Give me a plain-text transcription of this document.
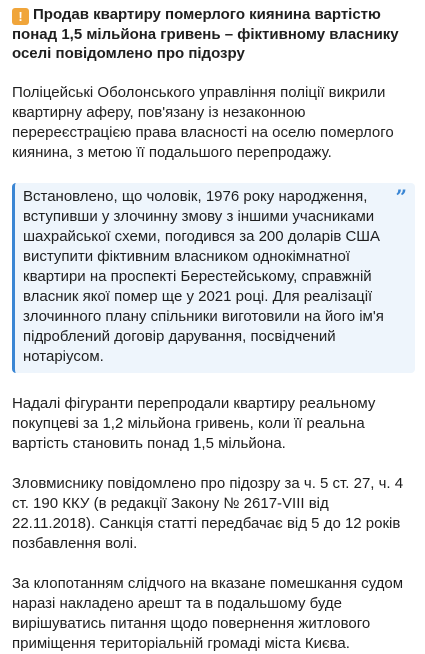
! Продав квартиру померлого киянина вартістю понад 1,5 мільйона гривень – фіктивному власнику оселі повідомлено про підозру

Поліцейські Оболонського управління поліції викрили квартирну аферу, пов'язану із незаконною перереєстрацією права власності на оселю померлого киянина, з метою її подальшого перепродажу.

”

Встановлено, що чоловік, 1976 року народження, вступивши у злочинну змову з іншими учасниками шахрайської схеми, погодився за 200 доларів США виступити фіктивним власником однокімнатної квартири на проспекті Берестейському, справжній власник якої помер ще у 2021 році. Для реалізації злочинного плану спільники виготовили на його ім'я підроблений договір дарування, посвідчений нотаріусом.

Надалі фігуранти перепродали квартиру реальному покупцеві за 1,2 мільйона гривень, коли її реальна вартість становить понад 1,5 мільйона.

Зловмиснику повідомлено про підозру за ч. 5 ст. 27, ч. 4 ст. 190 ККУ (в редакції Закону № 2617-VIII від 22.11.2018). Санкція статті передбачає від 5 до 12 років позбавлення волі.

За клопотанням слідчого на вказане помешкання судом наразі накладено арешт та в подальшому буде вирішуватись питання щодо повернення житлового приміщення територіальній громаді міста Києва.
